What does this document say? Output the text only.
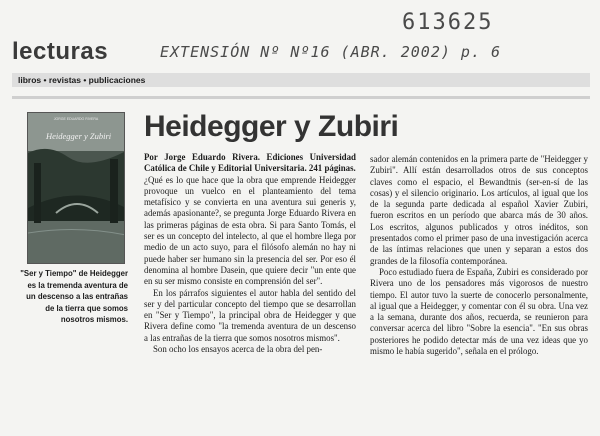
lecturas
613625
EXTENSIÓN Nº Nº16 (ABR. 2002) p. 6
libros • revistas • publicaciones
JORGE EDUARDO RIVERA
Heidegger y Zubiri
"Ser y Tiempo" de Heidegger es la tremenda aventura de un descenso a las entrañas de la tierra que somos nosotros mismos.
Heidegger y Zubiri

Por Jorge Eduardo Rivera. Ediciones Universidad Católica de Chile y Editorial Universitaria. 241 páginas.

¿Qué es lo que hace que la obra que emprende Heidegger provoque un vuelco en el planteamiento del tema metafísico y se convierta en una aventura sui generis y, además apasionante?, se pregunta Jorge Eduardo Rivera en las primeras páginas de esta obra. Si para Santo Tomás, el ser es un concepto del intelecto, al que el hombre llega por medio de un acto suyo, para el filósofo alemán no hay ni puede haber ser humano sin la presencia del ser. Por eso él denomina al hombre Dasein, que quiere decir "un ente que en su ser mismo consiste en comprensión del ser".

En los párrafos siguientes el autor habla del sentido del ser y del particular concepto del tiempo que se desarrollan en "Ser y Tiempo", la principal obra de Heidegger y que Rivera define como "la tremenda aventura de un descenso a las entrañas de la tierra que somos nosotros mismos".

Son ocho los ensayos acerca de la obra del pen-

sador alemán contenidos en la primera parte de "Heidegger y Zubiri". Allí están desarrollados otros de sus conceptos claves como el espacio, el Bewandtnis (ser-en-sí de las cosas) y el silencio originario. Los artículos, al igual que los de la segunda parte dedicada al español Xavier Zubiri, fueron escritos en un período que abarca más de 30 años. Los escritos, algunos publicados y otros inéditos, son presentados como el primer paso de una investigación acerca de las íntimas relaciones que unen y separan a estos dos grandes de la filosofía contemporánea.

Poco estudiado fuera de España, Zubiri es considerado por Rivera uno de los pensadores más vigorosos de nuestro tiempo. El autor tuvo la suerte de conocerlo personalmente, al igual que a Heidegger, y comentar con él su obra. Una vez a la semana, durante dos años, recuerda, se reunieron para conversar acerca del libro "Sobre la esencia". "En sus obras posteriores he podido detectar más de una vez ideas que yo mismo le había sugerido", señala en el prólogo.
